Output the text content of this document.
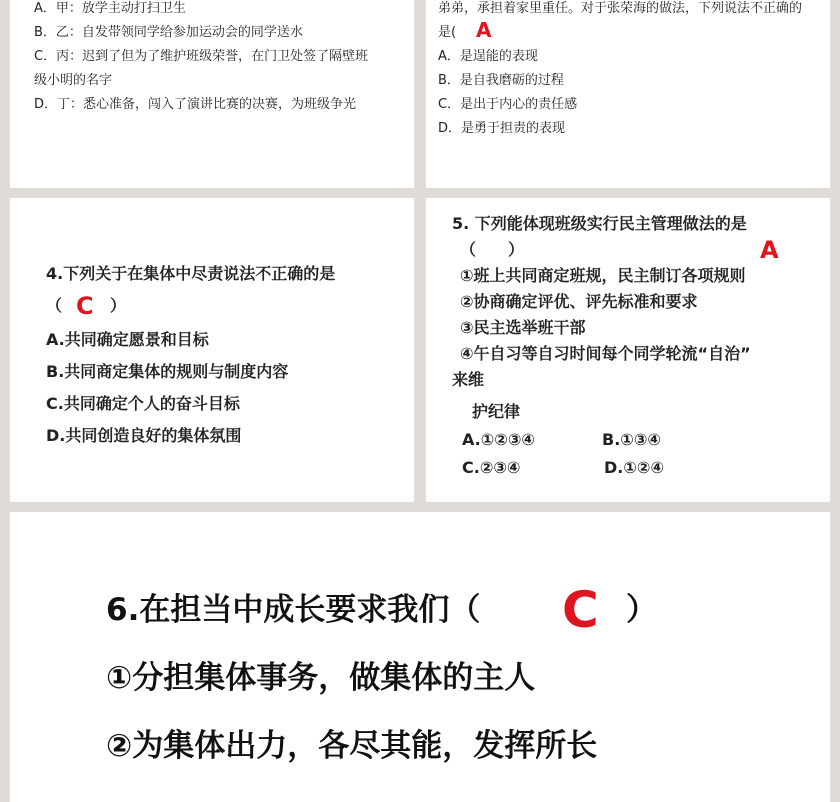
A．甲：放学主动打扫卫生
B．乙：自发带领同学给参加运动会的同学送水
C．丙：迟到了但为了维护班级荣誉，在门卫处签了隔壁班
级小明的名字
D．丁：悉心准备，闯入了演讲比赛的决赛，为班级争光
弟弟，承担着家里重任。对于张荣海的做法，下列说法不正确的
是( A
A．是逞能的表现
B．是自我磨砺的过程
C．是出于内心的责任感
D．是勇于担责的表现
4.下列关于在集体中尽责说法不正确的是
（ C ）
A.共同确定愿景和目标
B.共同商定集体的规则与制度内容
C.共同确定个人的奋斗目标
D.共同创造良好的集体氛围
5. 下列能体现班级实行民主管理做法的是
（　　）	A
①班上共同商定班规，民主制订各项规则
②协商确定评优、评先标准和要求
③民主选举班干部
④午自习等自习时间每个同学轮流“自治”
来维
护纪律
A.①②③④	B.①③④
C.②③④	D.①②④
6.在担当中成长要求我们（ C ）
①分担集体事务，做集体的主人
②为集体出力，各尽其能，发挥所长
